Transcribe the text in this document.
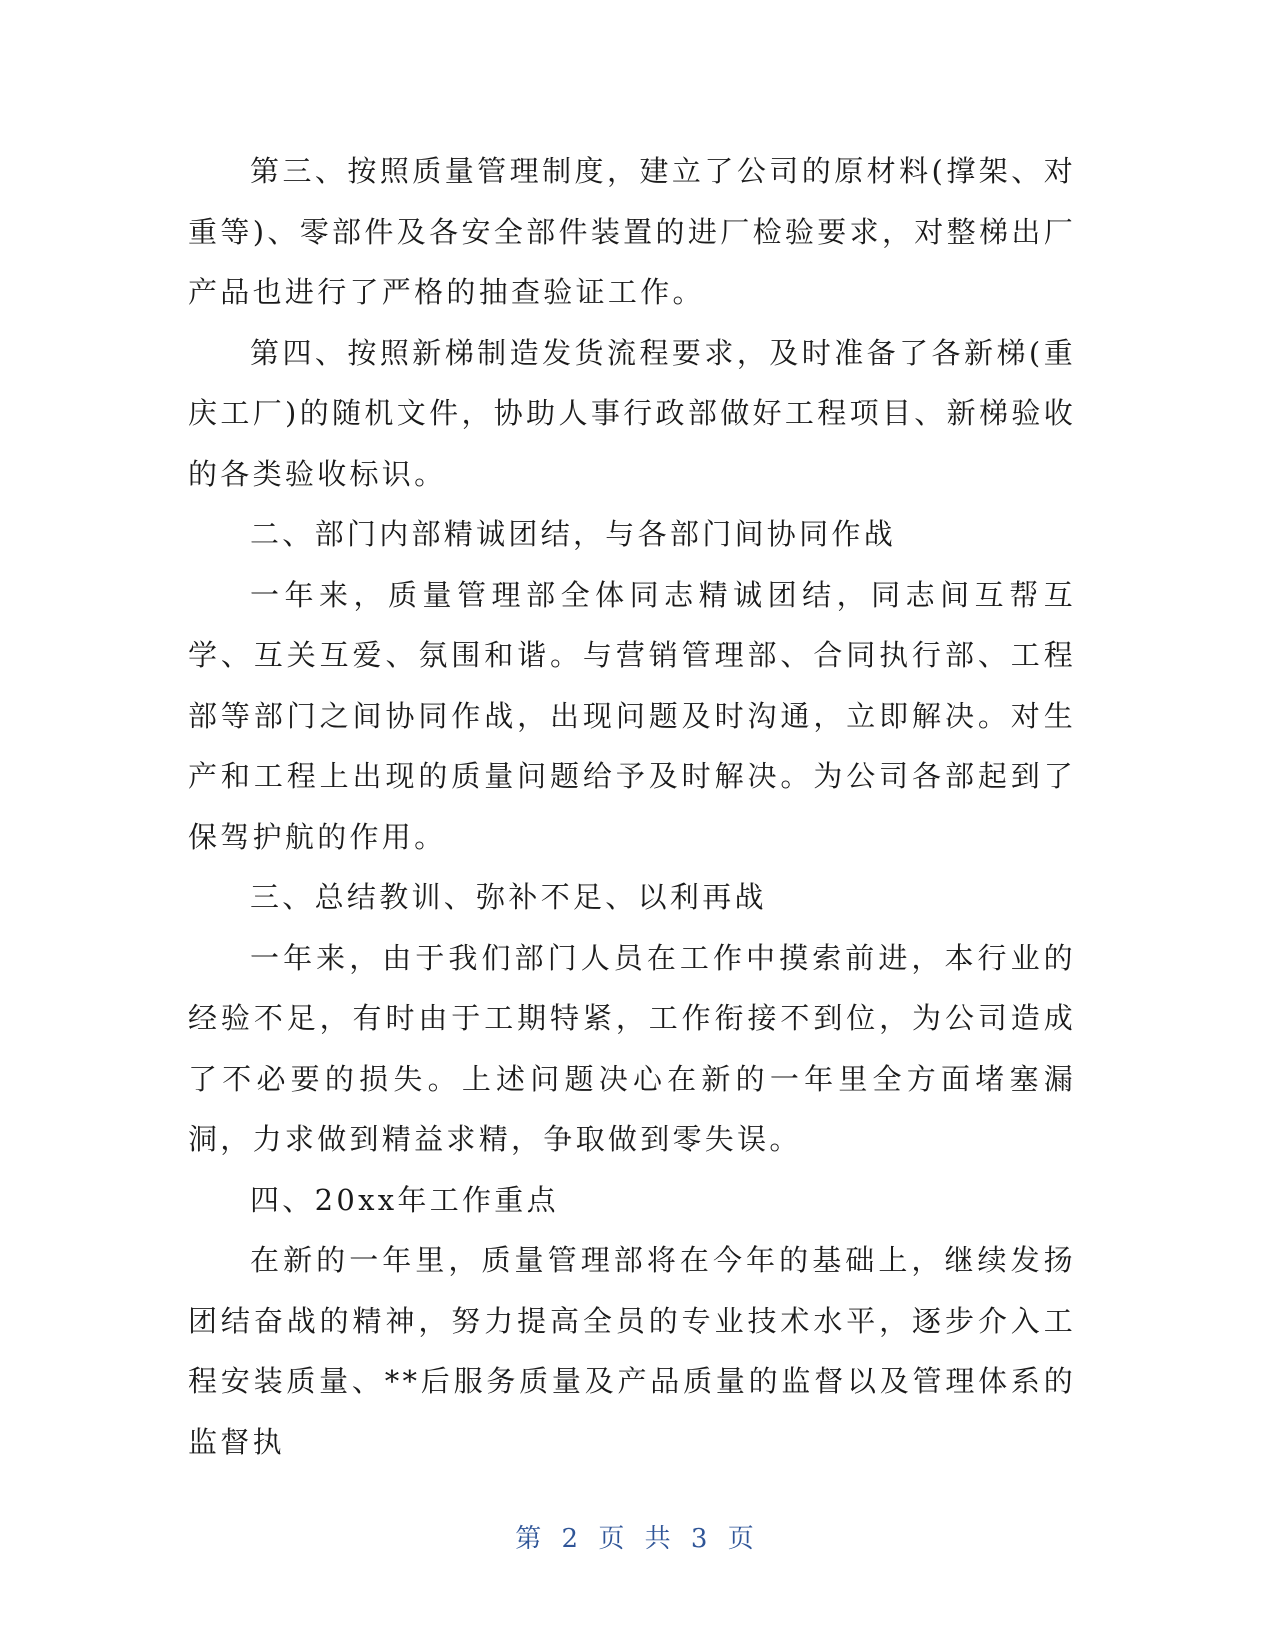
第三、按照质量管理制度，建立了公司的原材料(撑架、对重等)、零部件及各安全部件装置的进厂检验要求，对整梯出厂产品也进行了严格的抽查验证工作。

第四、按照新梯制造发货流程要求，及时准备了各新梯(重庆工厂)的随机文件，协助人事行政部做好工程项目、新梯验收的各类验收标识。

二、部门内部精诚团结，与各部门间协同作战

一年来，质量管理部全体同志精诚团结，同志间互帮互学、互关互爱、氛围和谐。与营销管理部、合同执行部、工程部等部门之间协同作战，出现问题及时沟通，立即解决。对生产和工程上出现的质量问题给予及时解决。为公司各部起到了保驾护航的作用。

三、总结教训、弥补不足、以利再战

一年来，由于我们部门人员在工作中摸索前进，本行业的经验不足，有时由于工期特紧，工作衔接不到位，为公司造成了不必要的损失。上述问题决心在新的一年里全方面堵塞漏洞，力求做到精益求精，争取做到零失误。

四、20xx年工作重点

在新的一年里，质量管理部将在今年的基础上，继续发扬团结奋战的精神，努力提高全员的专业技术水平，逐步介入工程安装质量、**后服务质量及产品质量的监督以及管理体系的监督执

第 2 页 共 3 页
